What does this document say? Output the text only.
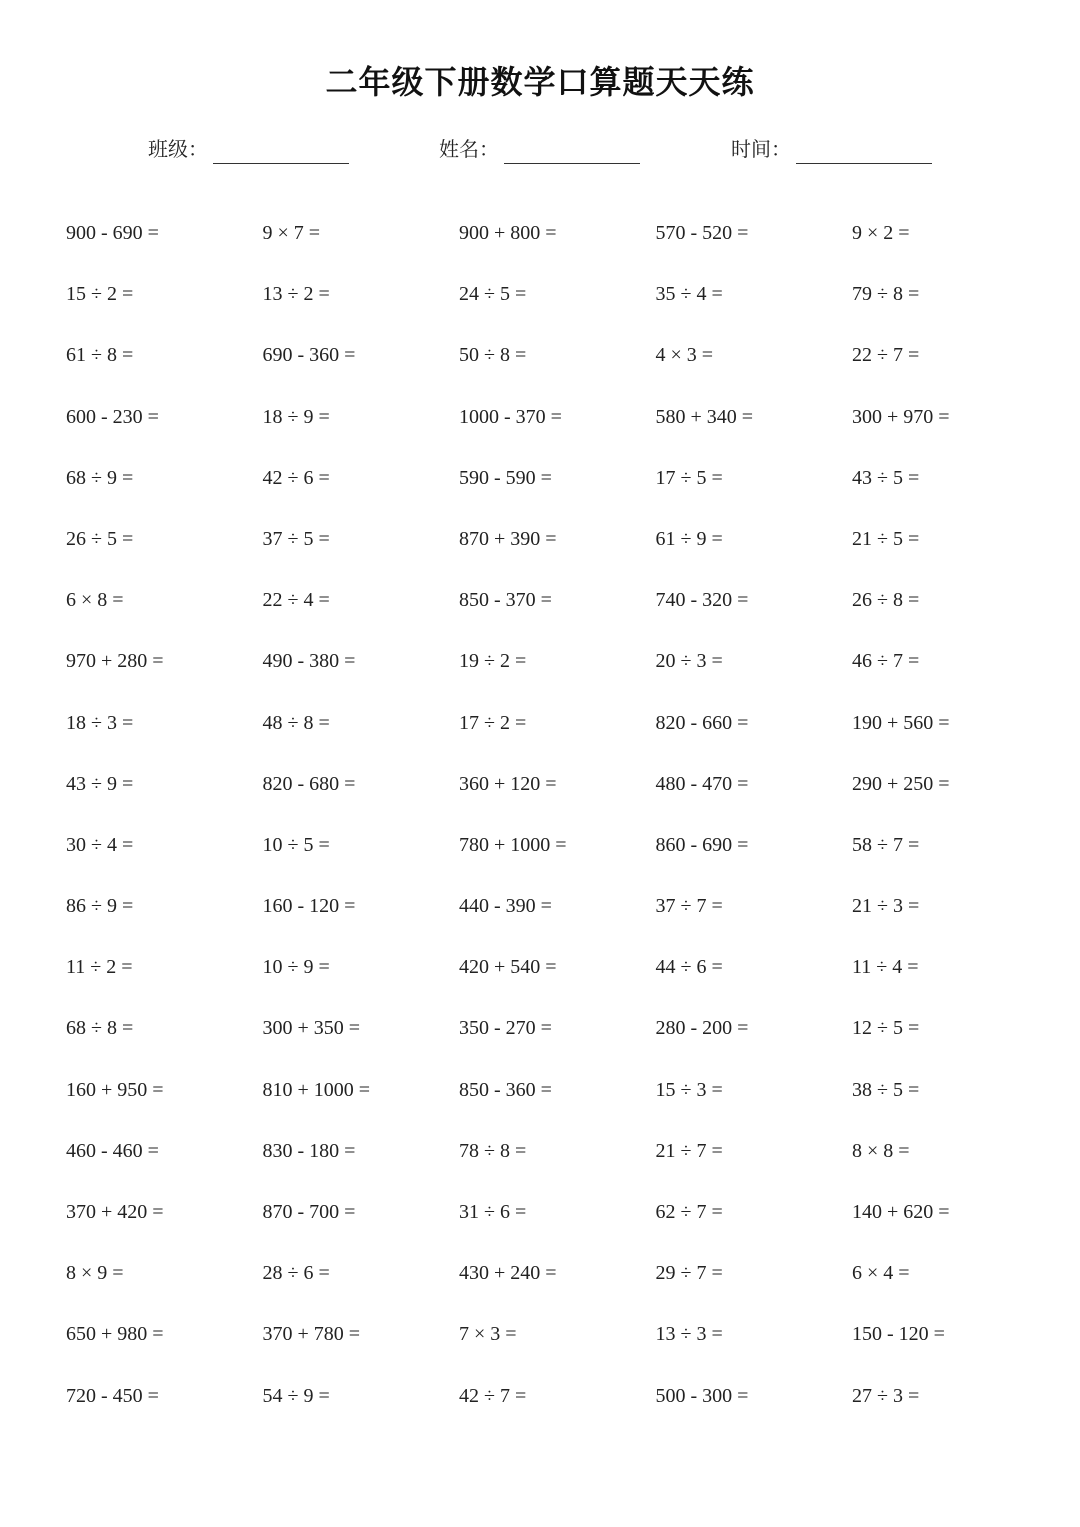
二年级下册数学口算题天天练
班级：	姓名：	时间：
900 - 690 =	9 × 7 =	900 + 800 =	570 - 520 =	9 × 2 =
15 ÷ 2 =	13 ÷ 2 =	24 ÷ 5 =	35 ÷ 4 =	79 ÷ 8 =
61 ÷ 8 =	690 - 360 =	50 ÷ 8 =	4 × 3 =	22 ÷ 7 =
600 - 230 =	18 ÷ 9 =	1000 - 370 =	580 + 340 =	300 + 970 =
68 ÷ 9 =	42 ÷ 6 =	590 - 590 =	17 ÷ 5 =	43 ÷ 5 =
26 ÷ 5 =	37 ÷ 5 =	870 + 390 =	61 ÷ 9 =	21 ÷ 5 =
6 × 8 =	22 ÷ 4 =	850 - 370 =	740 - 320 =	26 ÷ 8 =
970 + 280 =	490 - 380 =	19 ÷ 2 =	20 ÷ 3 =	46 ÷ 7 =
18 ÷ 3 =	48 ÷ 8 =	17 ÷ 2 =	820 - 660 =	190 + 560 =
43 ÷ 9 =	820 - 680 =	360 + 120 =	480 - 470 =	290 + 250 =
30 ÷ 4 =	10 ÷ 5 =	780 + 1000 =	860 - 690 =	58 ÷ 7 =
86 ÷ 9 =	160 - 120 =	440 - 390 =	37 ÷ 7 =	21 ÷ 3 =
11 ÷ 2 =	10 ÷ 9 =	420 + 540 =	44 ÷ 6 =	11 ÷ 4 =
68 ÷ 8 =	300 + 350 =	350 - 270 =	280 - 200 =	12 ÷ 5 =
160 + 950 =	810 + 1000 =	850 - 360 =	15 ÷ 3 =	38 ÷ 5 =
460 - 460 =	830 - 180 =	78 ÷ 8 =	21 ÷ 7 =	8 × 8 =
370 + 420 =	870 - 700 =	31 ÷ 6 =	62 ÷ 7 =	140 + 620 =
8 × 9 =	28 ÷ 6 =	430 + 240 =	29 ÷ 7 =	6 × 4 =
650 + 980 =	370 + 780 =	7 × 3 =	13 ÷ 3 =	150 - 120 =
720 - 450 =	54 ÷ 9 =	42 ÷ 7 =	500 - 300 =	27 ÷ 3 =
